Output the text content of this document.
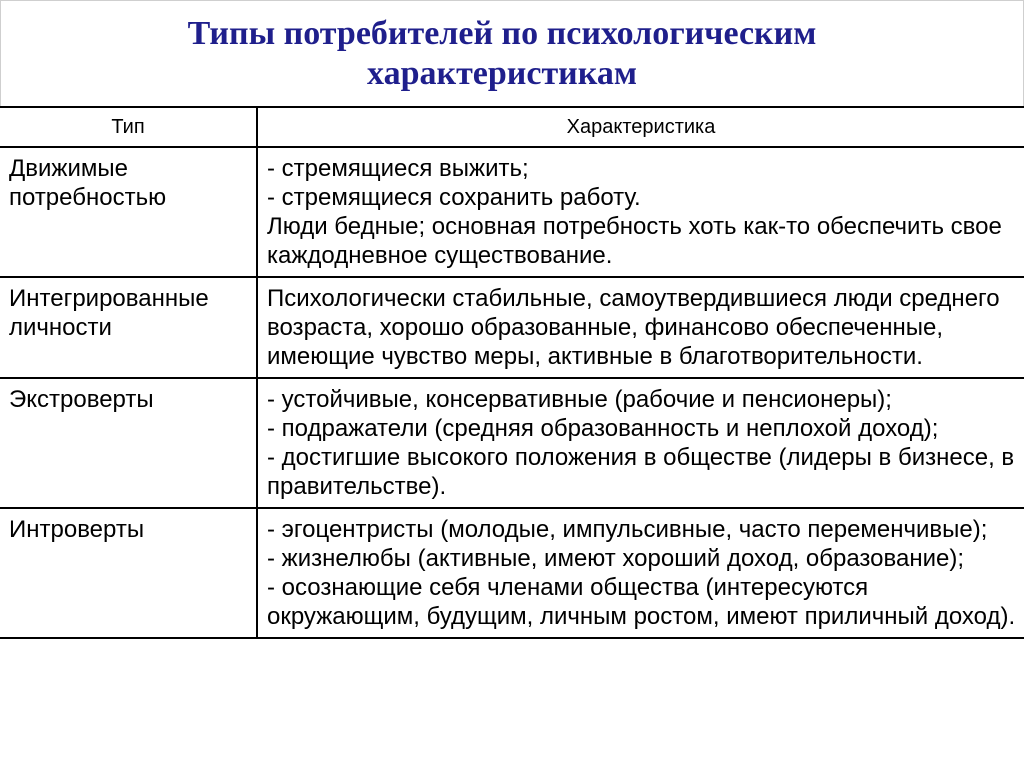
Типы потребителей по психологическим
характеристикам
Тип	Характеристика
Движимые потребностью	- стремящиеся выжить;
- стремящиеся сохранить работу.
Люди бедные; основная потребность хоть как-то обеспечить свое каждодневное существование.

Интегрированные личности	Психологически стабильные, самоутвердившиеся люди среднего возраста, хорошо образованные, финансово обеспеченные, имеющие чувство меры, активные в благотворительности.

Экстроверты	- устойчивые, консервативные (рабочие и пенсионеры);
- подражатели (средняя образованность и неплохой доход);
- достигшие высокого положения в обществе (лидеры в бизнесе, в правительстве).

Интроверты	- эгоцентристы (молодые, импульсивные, часто переменчивые);
- жизнелюбы (активные, имеют хороший доход, образование);
- осознающие себя членами общества (интересуются окружающим, будущим, личным ростом, имеют приличный доход).
